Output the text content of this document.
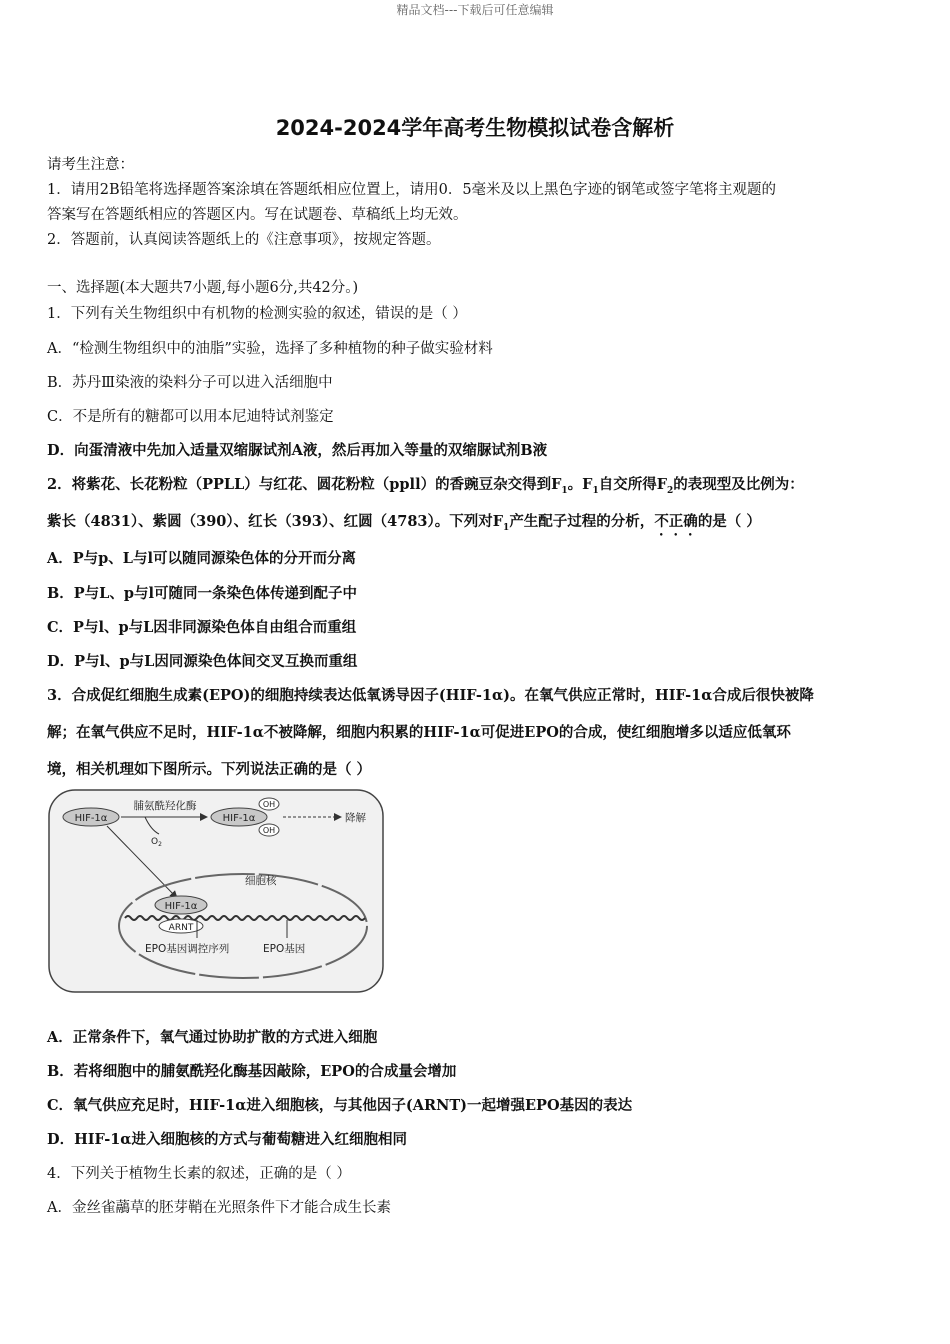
精品文档---下载后可任意编辑
2024-2024学年高考生物模拟试卷含解析
请考生注意：
1．请用2B铅笔将选择题答案涂填在答题纸相应位置上，请用0．5毫米及以上黑色字迹的钢笔或签字笔将主观题的
答案写在答题纸相应的答题区内。写在试题卷、草稿纸上均无效。
2．答题前，认真阅读答题纸上的《注意事项》，按规定答题。
一、选择题(本大题共7小题,每小题6分,共42分。)
1．下列有关生物组织中有机物的检测实验的叙述，错误的是（ ）
A．“检测生物组织中的油脂”实验，选择了多种植物的种子做实验材料
B．苏丹Ⅲ染液的染料分子可以进入活细胞中
C．不是所有的糖都可以用本尼迪特试剂鉴定
D．向蛋清液中先加入适量双缩脲试剂A液，然后再加入等量的双缩脲试剂B液
2．将紫花、长花粉粒（PPLL）与红花、圆花粉粒（ppll）的香豌豆杂交得到$F_1$。$F_1$自交所得$F_2$的表现型及比例为：
紫长（4831）、紫圆（390）、红长（393）、红圆（4783）。下列对$F_1$产生配子过程的分析，不正确的是（ ）
A．P与p、L与l可以随同源染色体的分开而分离
B．P与L、p与l可随同一条染色体传递到配子中
C．P与l、p与L因非同源染色体自由组合而重组
D．P与l、p与L因同源染色体间交叉互换而重组
3．合成促红细胞生成素(EPO)的细胞持续表达低氧诱导因子(HIF-1α)。在氧气供应正常时，HIF-1α合成后很快被降
解；在氧气供应不足时，HIF-1α不被降解，细胞内积累的HIF-1α可促进EPO的合成，使红细胞增多以适应低氧环
境，相关机理如下图所示。下列说法正确的是（ ）
HIF-1α
脯氨酰羟化酶
$O_2$
HIF-1α
OH
OH
降解
细胞核
HIF-1α
ARNT
EPO基因调控序列	EPO基因
A．正常条件下，氧气通过协助扩散的方式进入细胞
B．若将细胞中的脯氨酰羟化酶基因敲除，EPO的合成量会增加
C．氧气供应充足时，HIF-1α进入细胞核，与其他因子(ARNT)一起增强EPO基因的表达
D．HIF-1α进入细胞核的方式与葡萄糖进入红细胞相同
4．下列关于植物生长素的叙述，正确的是（ ）
A．金丝雀虉草的胚芽鞘在光照条件下才能合成生长素
